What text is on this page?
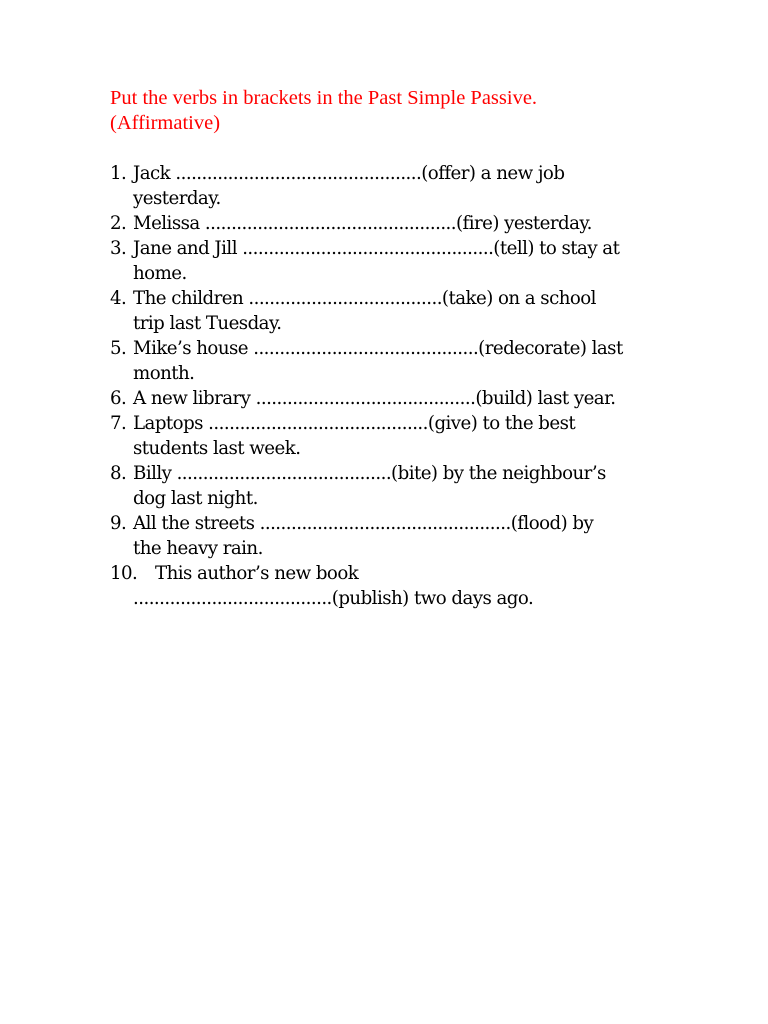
Put the verbs in brackets in the Past Simple Passive.
(Affirmative)
1. Jack ...............................................(offer) a new job
yesterday.
2. Melissa ................................................(fire) yesterday.
3. Jane and Jill ................................................(tell) to stay at
home.
4. The children .....................................(take) on a school
trip last Tuesday.
5. Mike’s house ...........................................(redecorate) last
month.
6. A new library ..........................................(build) last year.
7. Laptops ..........................................(give) to the best
students last week.
8. Billy .........................................(bite) by the neighbour’s
dog last night.
9. All the streets ................................................(flood) by
the heavy rain.
10. This author’s new book
......................................(publish) two days ago.
